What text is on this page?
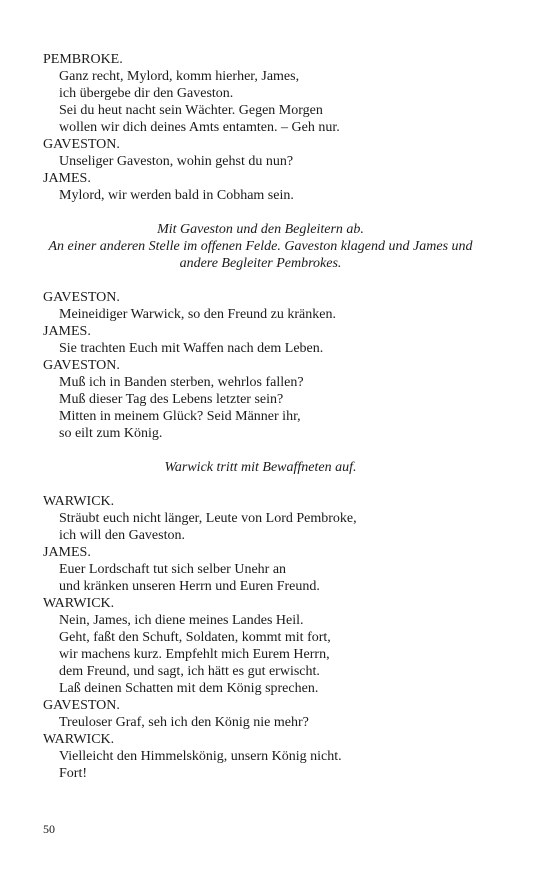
PEMBROKE.
Ganz recht, Mylord, komm hierher, James,
ich übergebe dir den Gaveston.
Sei du heut nacht sein Wächter. Gegen Morgen
wollen wir dich deines Amts entamten. – Geh nur.
GAVESTON.
Unseliger Gaveston, wohin gehst du nun?
JAMES.
Mylord, wir werden bald in Cobham sein.
Mit Gaveston und den Begleitern ab.
An einer anderen Stelle im offenen Felde. Gaveston klagend und James und andere Begleiter Pembrokes.
GAVESTON.
Meineidiger Warwick, so den Freund zu kränken.
JAMES.
Sie trachten Euch mit Waffen nach dem Leben.
GAVESTON.
Muß ich in Banden sterben, wehrlos fallen?
Muß dieser Tag des Lebens letzter sein?
Mitten in meinem Glück? Seid Männer ihr,
so eilt zum König.
Warwick tritt mit Bewaffneten auf.
WARWICK.
Sträubt euch nicht länger, Leute von Lord Pembroke,
ich will den Gaveston.
JAMES.
Euer Lordschaft tut sich selber Unehr an
und kränken unseren Herrn und Euren Freund.
WARWICK.
Nein, James, ich diene meines Landes Heil.
Geht, faßt den Schuft, Soldaten, kommt mit fort,
wir machens kurz. Empfehlt mich Eurem Herrn,
dem Freund, und sagt, ich hätt es gut erwischt.
Laß deinen Schatten mit dem König sprechen.
GAVESTON.
Treuloser Graf, seh ich den König nie mehr?
WARWICK.
Vielleicht den Himmelskönig, unsern König nicht.
Fort!
50
